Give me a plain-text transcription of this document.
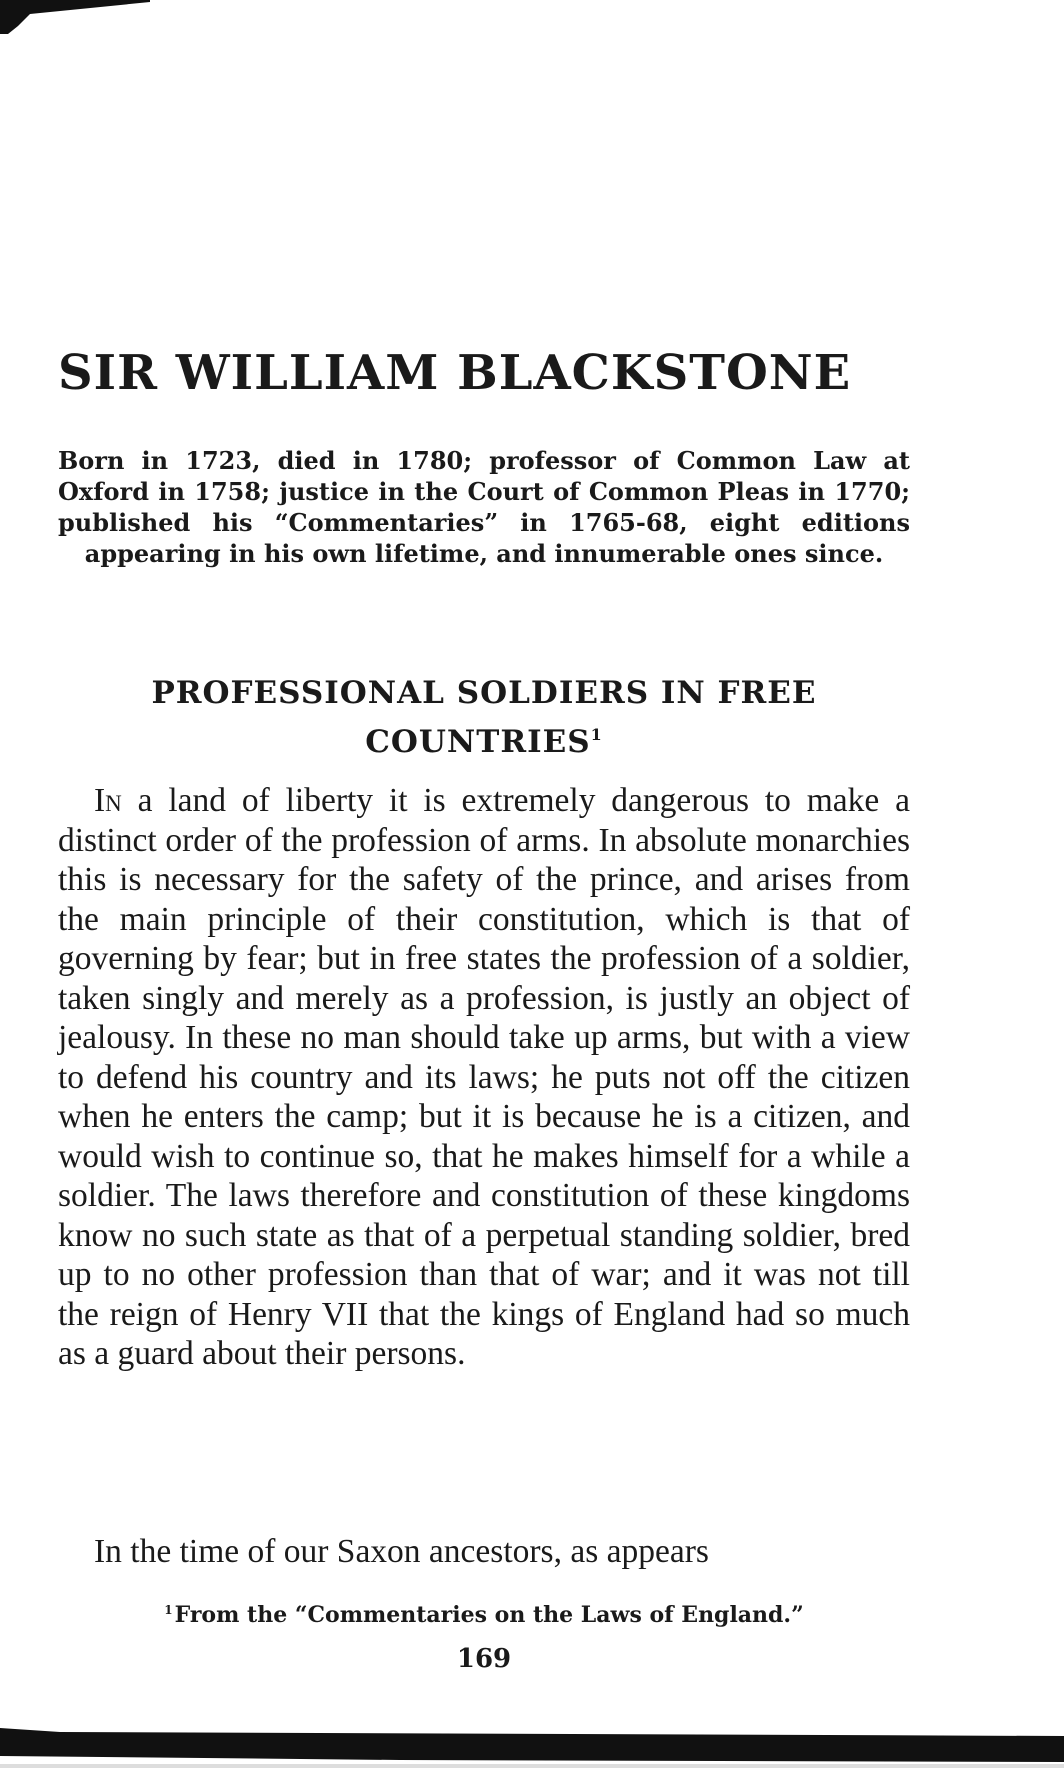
SIR WILLIAM BLACKSTONE

Born in 1723, died in 1780; professor of Common Law at Oxford in 1758; justice in the Court of Common Pleas in 1770; published his “Commentaries” in 1765-68, eight editions appearing in his own lifetime, and innumerable ones since.

PROFESSIONAL SOLDIERS IN FREE COUNTRIES$^1$

In a land of liberty it is extremely dangerous to make a distinct order of the profession of arms. In absolute monarchies this is necessary for the safety of the prince, and arises from the main principle of their constitution, which is that of governing by fear; but in free states the profession of a soldier, taken singly and merely as a profession, is justly an object of jealousy. In these no man should take up arms, but with a view to defend his country and its laws; he puts not off the citizen when he enters the camp; but it is because he is a citizen, and would wish to continue so, that he makes himself for a while a soldier. The laws therefore and constitution of these kingdoms know no such state as that of a perpetual standing soldier, bred up to no other profession than that of war; and it was not till the reign of Henry VII that the kings of England had so much as a guard about their persons.

In the time of our Saxon ancestors, as appears

$^1$From the “Commentaries on the Laws of England.”

169
